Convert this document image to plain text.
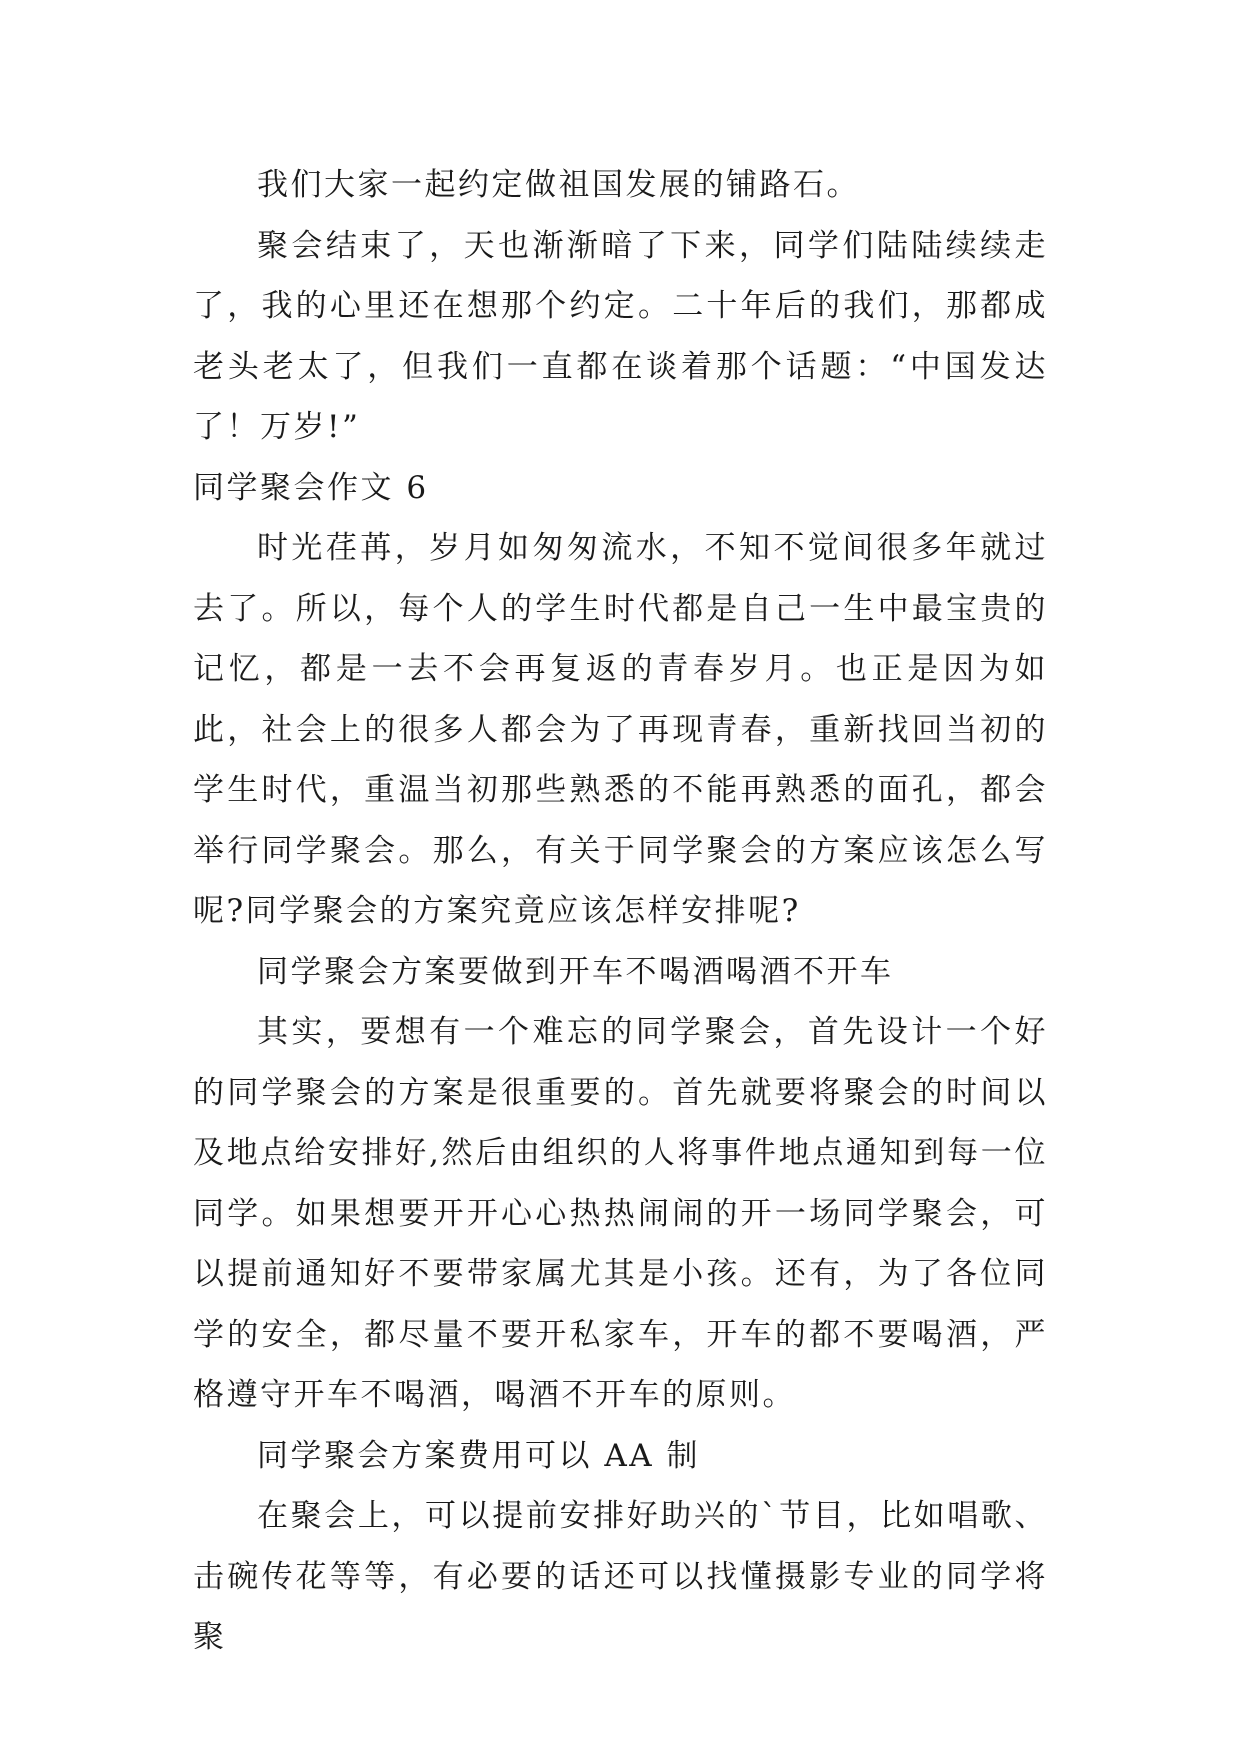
我们大家一起约定做祖国发展的铺路石。

聚会结束了，天也渐渐暗了下来，同学们陆陆续续走了，我的心里还在想那个约定。二十年后的我们，那都成老头老太了，但我们一直都在谈着那个话题：“中国发达了！万岁!”

同学聚会作文 6

时光荏苒，岁月如匆匆流水，不知不觉间很多年就过去了。所以，每个人的学生时代都是自己一生中最宝贵的记忆，都是一去不会再复返的青春岁月。也正是因为如此，社会上的很多人都会为了再现青春，重新找回当初的学生时代，重温当初那些熟悉的不能再熟悉的面孔，都会举行同学聚会。那么，有关于同学聚会的方案应该怎么写呢?同学聚会的方案究竟应该怎样安排呢?

同学聚会方案要做到开车不喝酒喝酒不开车

其实，要想有一个难忘的同学聚会，首先设计一个好的同学聚会的方案是很重要的。首先就要将聚会的时间以及地点给安排好,然后由组织的人将事件地点通知到每一位同学。如果想要开开心心热热闹闹的开一场同学聚会，可以提前通知好不要带家属尤其是小孩。还有，为了各位同学的安全，都尽量不要开私家车，开车的都不要喝酒，严格遵守开车不喝酒，喝酒不开车的原则。

同学聚会方案费用可以 AA 制

在聚会上，可以提前安排好助兴的`节目，比如唱歌、击碗传花等等，有必要的话还可以找懂摄影专业的同学将聚
